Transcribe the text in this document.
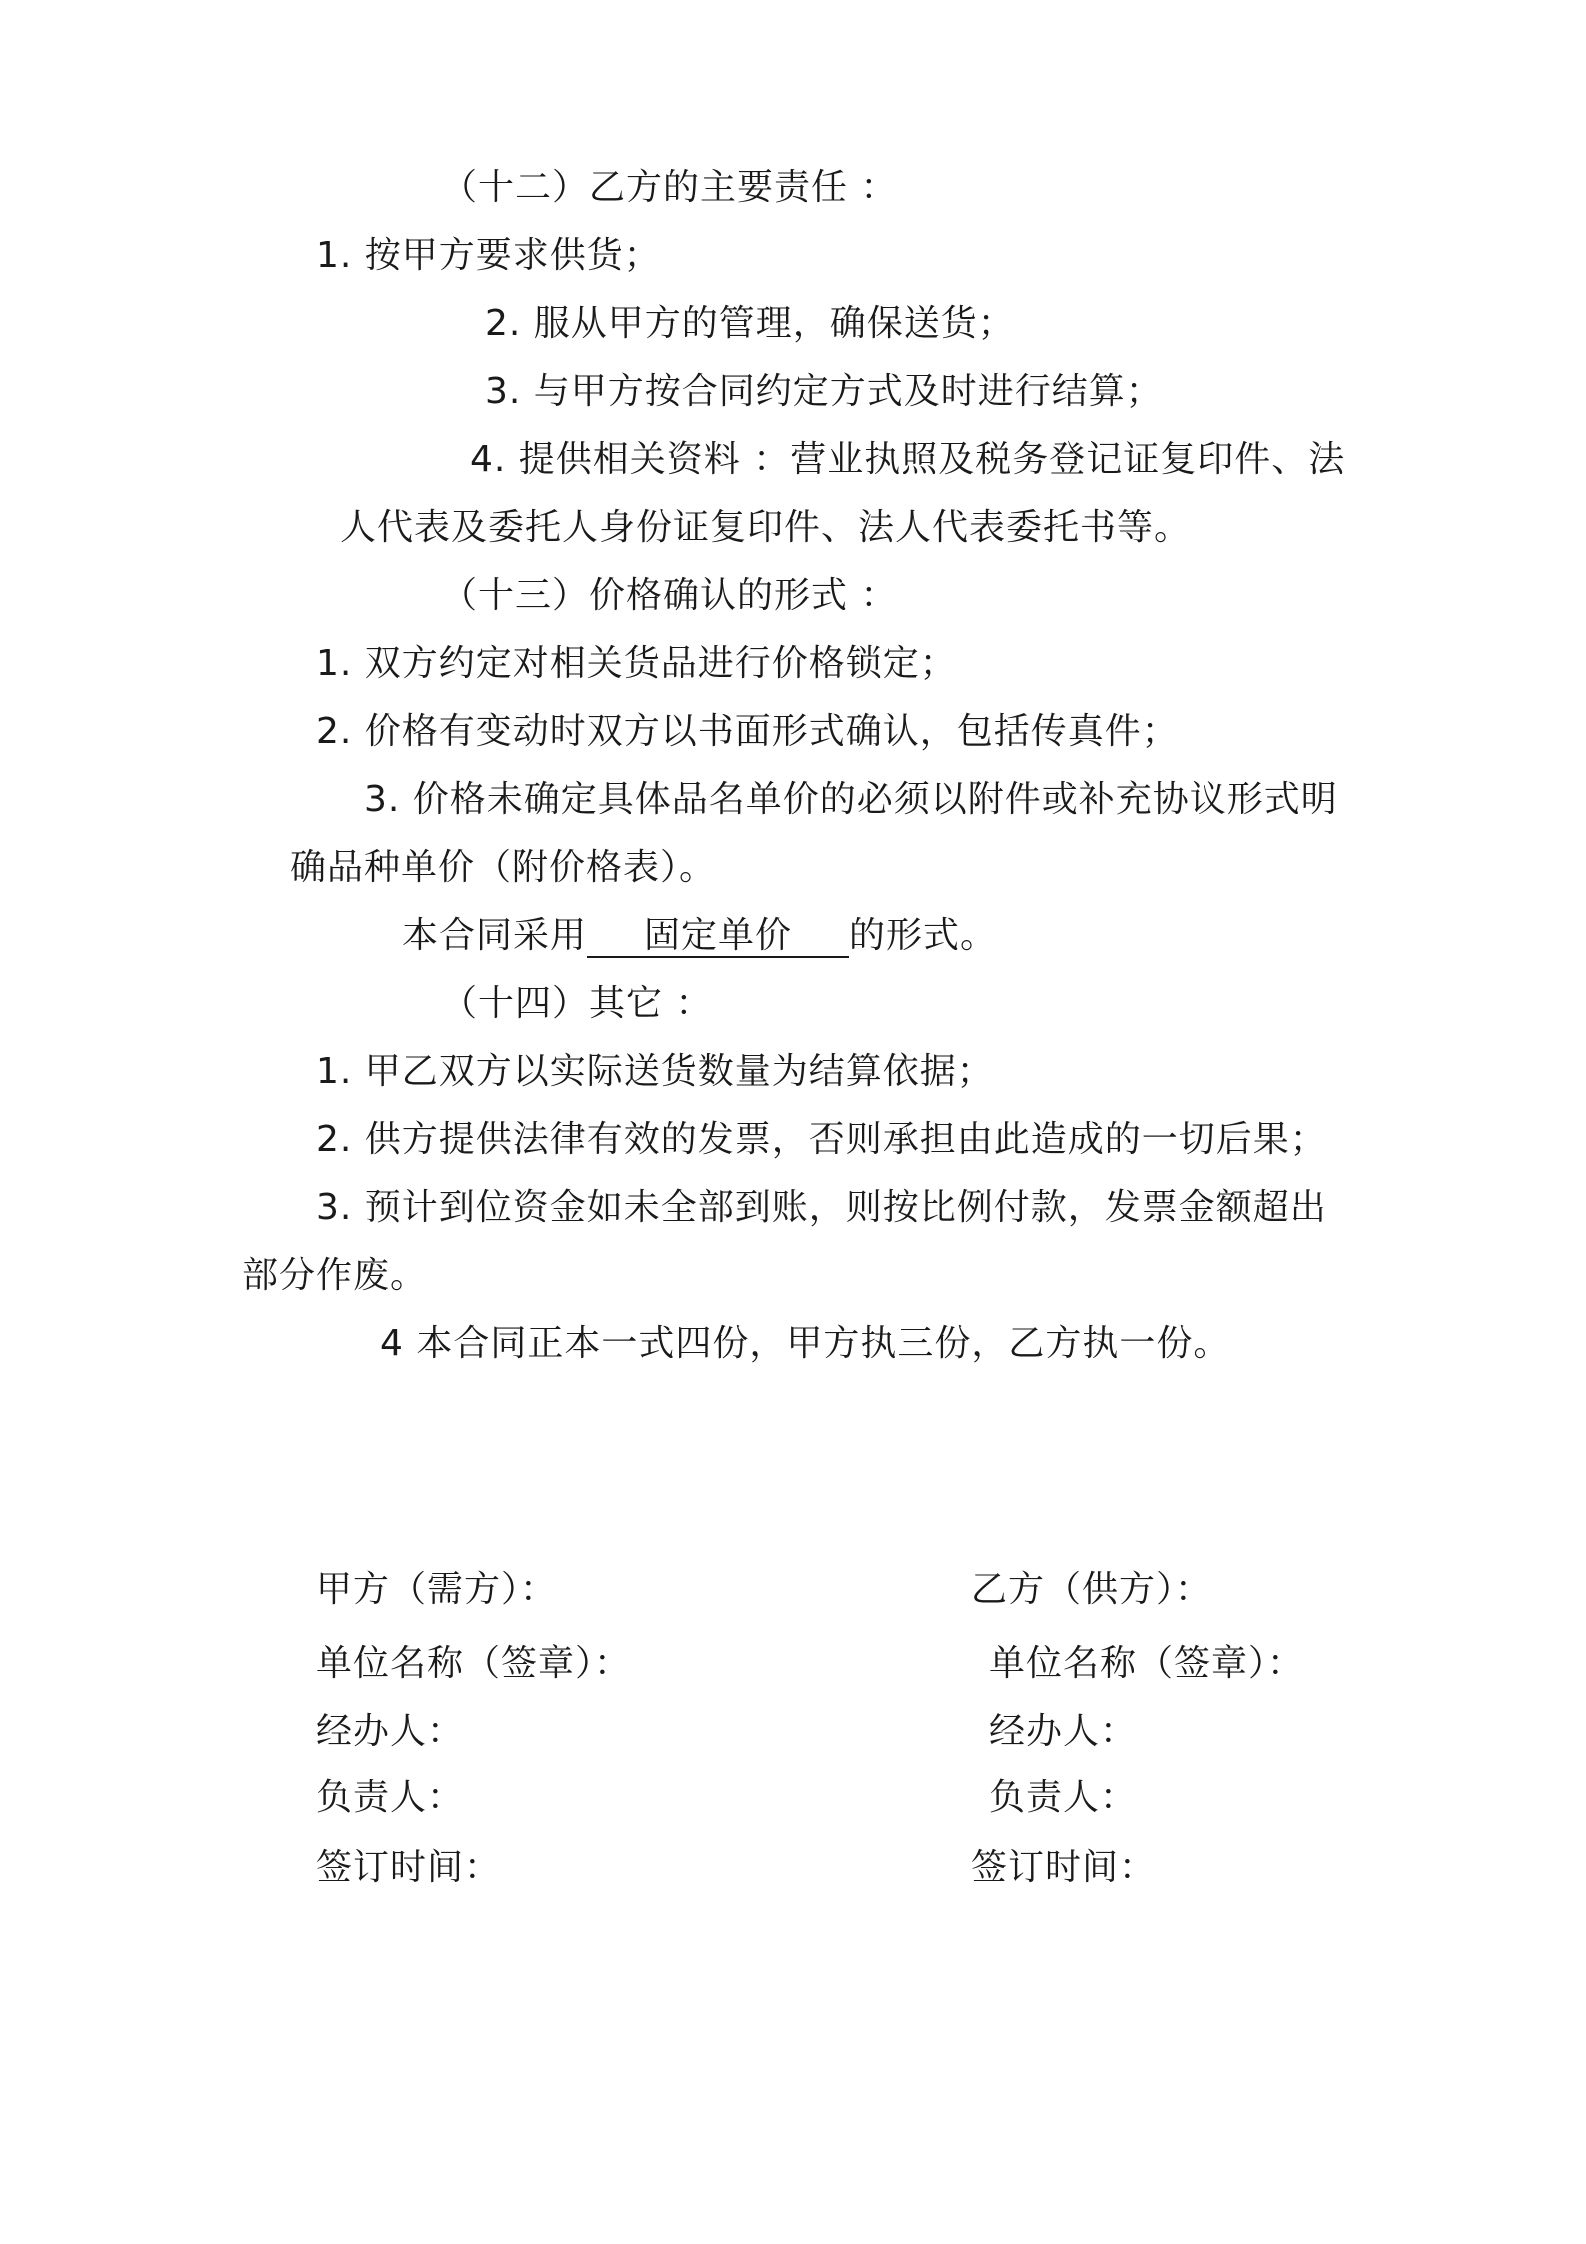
（十二）乙方的主要责任 ：
1. 按甲方要求供货；
2. 服从甲方的管理，确保送货；
3. 与甲方按合同约定方式及时进行结算；
4. 提供相关资料 ：营业执照及税务登记证复印件、法
人代表及委托人身份证复印件、法人代表委托书等。
（十三）价格确认的形式 ：
1. 双方约定对相关货品进行价格锁定；
2. 价格有变动时双方以书面形式确认，包括传真件；
3. 价格未确定具体品名单价的必须以附件或补充协议形式明
确品种单价（附价格表）。
本合同采用 固定单价 的形式。
（十四）其它 ：
1. 甲乙双方以实际送货数量为结算依据；
2. 供方提供法律有效的发票，否则承担由此造成的一切后果；
3. 预计到位资金如未全部到账，则按比例付款，发票金额超出
部分作废。
4 本合同正本一式四份，甲方执三份，乙方执一份。
甲方（需方）：
单位名称（签章）：
经办人：
负责人：
签订时间：
乙方（供方）：
单位名称（签章）：
经办人：
负责人：
签订时间：
